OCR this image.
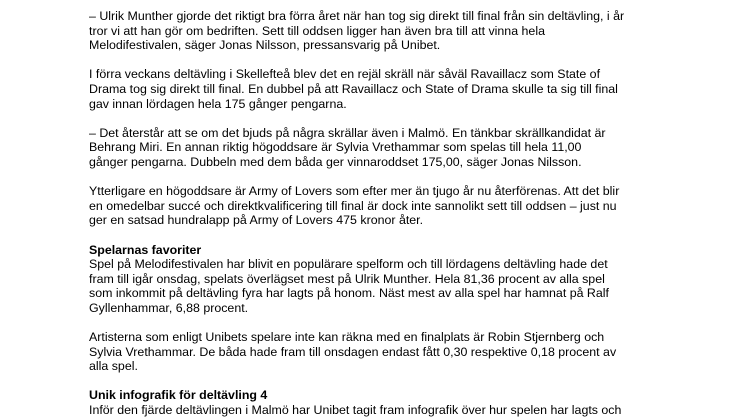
– Ulrik Munther gjorde det riktigt bra förra året när han tog sig direkt till final från sin deltävling, i år
tror vi att han gör om bedriften. Sett till oddsen ligger han även bra till att vinna hela
Melodifestivalen, säger Jonas Nilsson, pressansvarig på Unibet.

I förra veckans deltävling i Skellefteå blev det en rejäl skräll när såväl Ravaillacz som State of
Drama tog sig direkt till final. En dubbel på att Ravaillacz och State of Drama skulle ta sig till final
gav innan lördagen hela 175 gånger pengarna.

– Det återstår att se om det bjuds på några skrällar även i Malmö. En tänkbar skrällkandidat är
Behrang Miri. En annan riktig högoddsare är Sylvia Vrethammar som spelas till hela 11,00
gånger pengarna. Dubbeln med dem båda ger vinnaroddset 175,00, säger Jonas Nilsson.

Ytterligare en högoddsare är Army of Lovers som efter mer än tjugo år nu återförenas. Att det blir
en omedelbar succé och direktkvalificering till final är dock inte sannolikt sett till oddsen – just nu
ger en satsad hundralapp på Army of Lovers 475 kronor åter.

Spelarnas favoriter
Spel på Melodifestivalen har blivit en populärare spelform och till lördagens deltävling hade det
fram till igår onsdag, spelats överlägset mest på Ulrik Munther. Hela 81,36 procent av alla spel
som inkommit på deltävling fyra har lagts på honom. Näst mest av alla spel har hamnat på Ralf
Gyllenhammar, 6,88 procent.

Artisterna som enligt Unibets spelare inte kan räkna med en finalplats är Robin Stjernberg och
Sylvia Vrethammar. De båda hade fram till onsdagen endast fått 0,30 respektive 0,18 procent av
alla spel.

Unik infografik för deltävling 4
Inför den fjärde deltävlingen i Malmö har Unibet tagit fram infografik över hur spelen har lagts och
